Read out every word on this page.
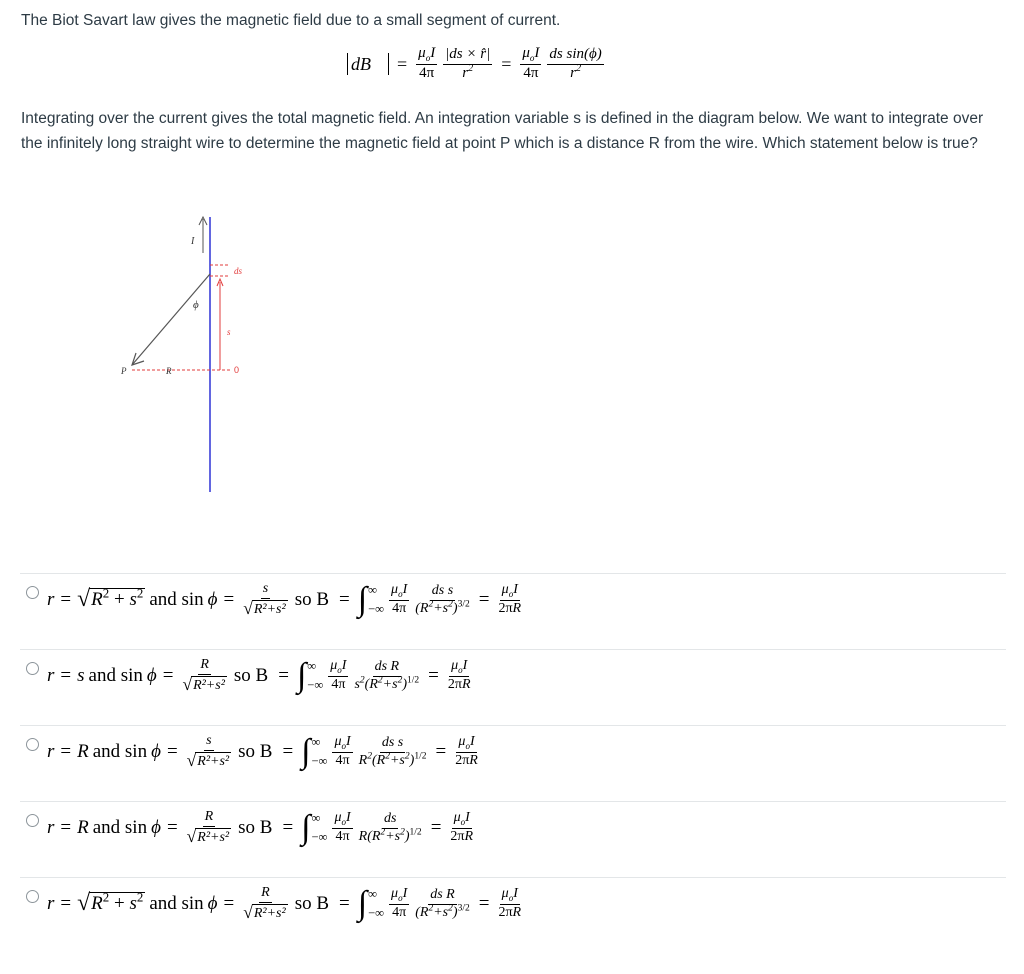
The Biot Savart law gives the magnetic field due to a small segment of current.

dB⃗ = $\frac{\mu_oI}{4\pi} \frac{|ds \times r̂|}{r^2} = \frac{\mu_oI}{4\pi} \frac{\text{ds sin(ϕ)}}{r^2}$

Integrating over the current gives the total magnetic field. An integration variable s is defined in the diagram below. We want to integrate over the infinitely long straight wire to determine the magnetic field at point P which is a distance R from the wire. Which statement below is true?

I
ϕ
ds
s
P	R	0
r = √ $R^2 + s^2$ and $\sin \phi = \frac{s}{\text{√ R²+s²}}$ so B = ∫ ∞
−∞ $\frac{\mu_oI}{4\pi} \frac{\text{ds s}}{(R^2+s^2)^{3/2}} = \frac{\mu_oI}{2\pi R}$
r = s and $\sin \phi = \frac{R}{\text{√ R²+s²}}$ so B = ∫ ∞
−∞ $\frac{\mu_oI}{4\pi} \frac{\text{ds R}}{s^2(R^2+s^2)^{1/2}} = \frac{\mu_oI}{2\pi R}$
r = R and $\sin \phi = \frac{s}{\text{√ R²+s²}}$ so B = ∫ ∞
−∞ $\frac{\mu_oI}{4\pi} \frac{\text{ds s}}{R^2(R^2+s^2)^{1/2}} = \frac{\mu_oI}{2\pi R}$
r = R and $\sin \phi = \frac{R}{\text{√ R²+s²}}$ so B = ∫ ∞
−∞ $\frac{\mu_oI}{4\pi} \frac{ds}{R(R^2+s^2)^{1/2}} = \frac{\mu_oI}{2\pi R}$
r = √ $R^2 + s^2$ and $\sin \phi = \frac{R}{\text{√ R²+s²}}$ so B = ∫ ∞
−∞ $\frac{\mu_oI}{4\pi} \frac{\text{ds R}}{(R^2+s^2)^{3/2}} = \frac{\mu_oI}{2\pi R}$
